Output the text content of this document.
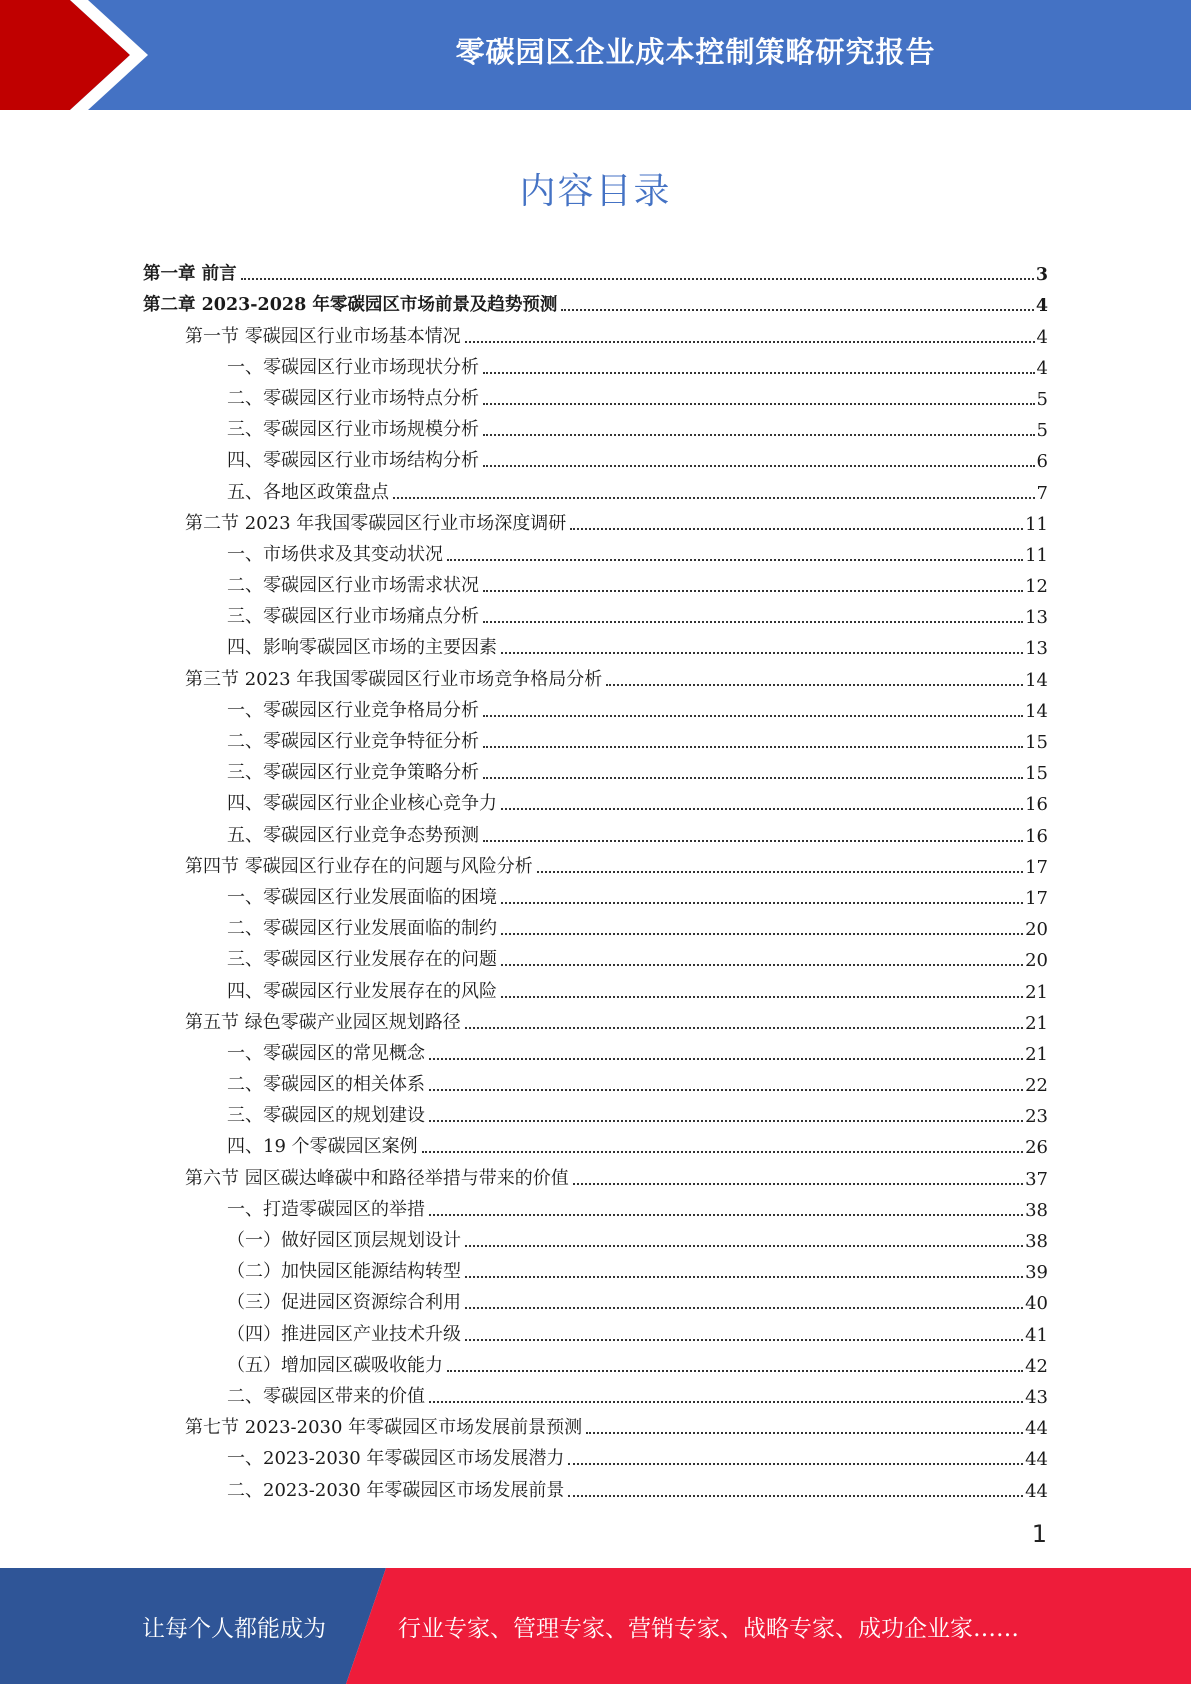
零碳园区企业成本控制策略研究报告
内容目录
第一章 前言	3
第二章 2023-2028 年零碳园区市场前景及趋势预测	4
第一节 零碳园区行业市场基本情况	4
一、零碳园区行业市场现状分析	4
二、零碳园区行业市场特点分析	5
三、零碳园区行业市场规模分析	5
四、零碳园区行业市场结构分析	6
五、各地区政策盘点	7
第二节 2023 年我国零碳园区行业市场深度调研	11
一、市场供求及其变动状况	11
二、零碳园区行业市场需求状况	12
三、零碳园区行业市场痛点分析	13
四、影响零碳园区市场的主要因素	13
第三节 2023 年我国零碳园区行业市场竞争格局分析	14
一、零碳园区行业竞争格局分析	14
二、零碳园区行业竞争特征分析	15
三、零碳园区行业竞争策略分析	15
四、零碳园区行业企业核心竞争力	16
五、零碳园区行业竞争态势预测	16
第四节 零碳园区行业存在的问题与风险分析	17
一、零碳园区行业发展面临的困境	17
二、零碳园区行业发展面临的制约	20
三、零碳园区行业发展存在的问题	20
四、零碳园区行业发展存在的风险	21
第五节 绿色零碳产业园区规划路径	21
一、零碳园区的常见概念	21
二、零碳园区的相关体系	22
三、零碳园区的规划建设	23
四、19 个零碳园区案例	26
第六节 园区碳达峰碳中和路径举措与带来的价值	37
一、打造零碳园区的举措	38
（一）做好园区顶层规划设计	38
（二）加快园区能源结构转型	39
（三）促进园区资源综合利用	40
（四）推进园区产业技术升级	41
（五）增加园区碳吸收能力	42
二、零碳园区带来的价值	43
第七节 2023-2030 年零碳园区市场发展前景预测	44
一、2023-2030 年零碳园区市场发展潜力	44
二、2023-2030 年零碳园区市场发展前景	44
1
让每个人都能成为	行业专家、管理专家、营销专家、战略专家、成功企业家……
